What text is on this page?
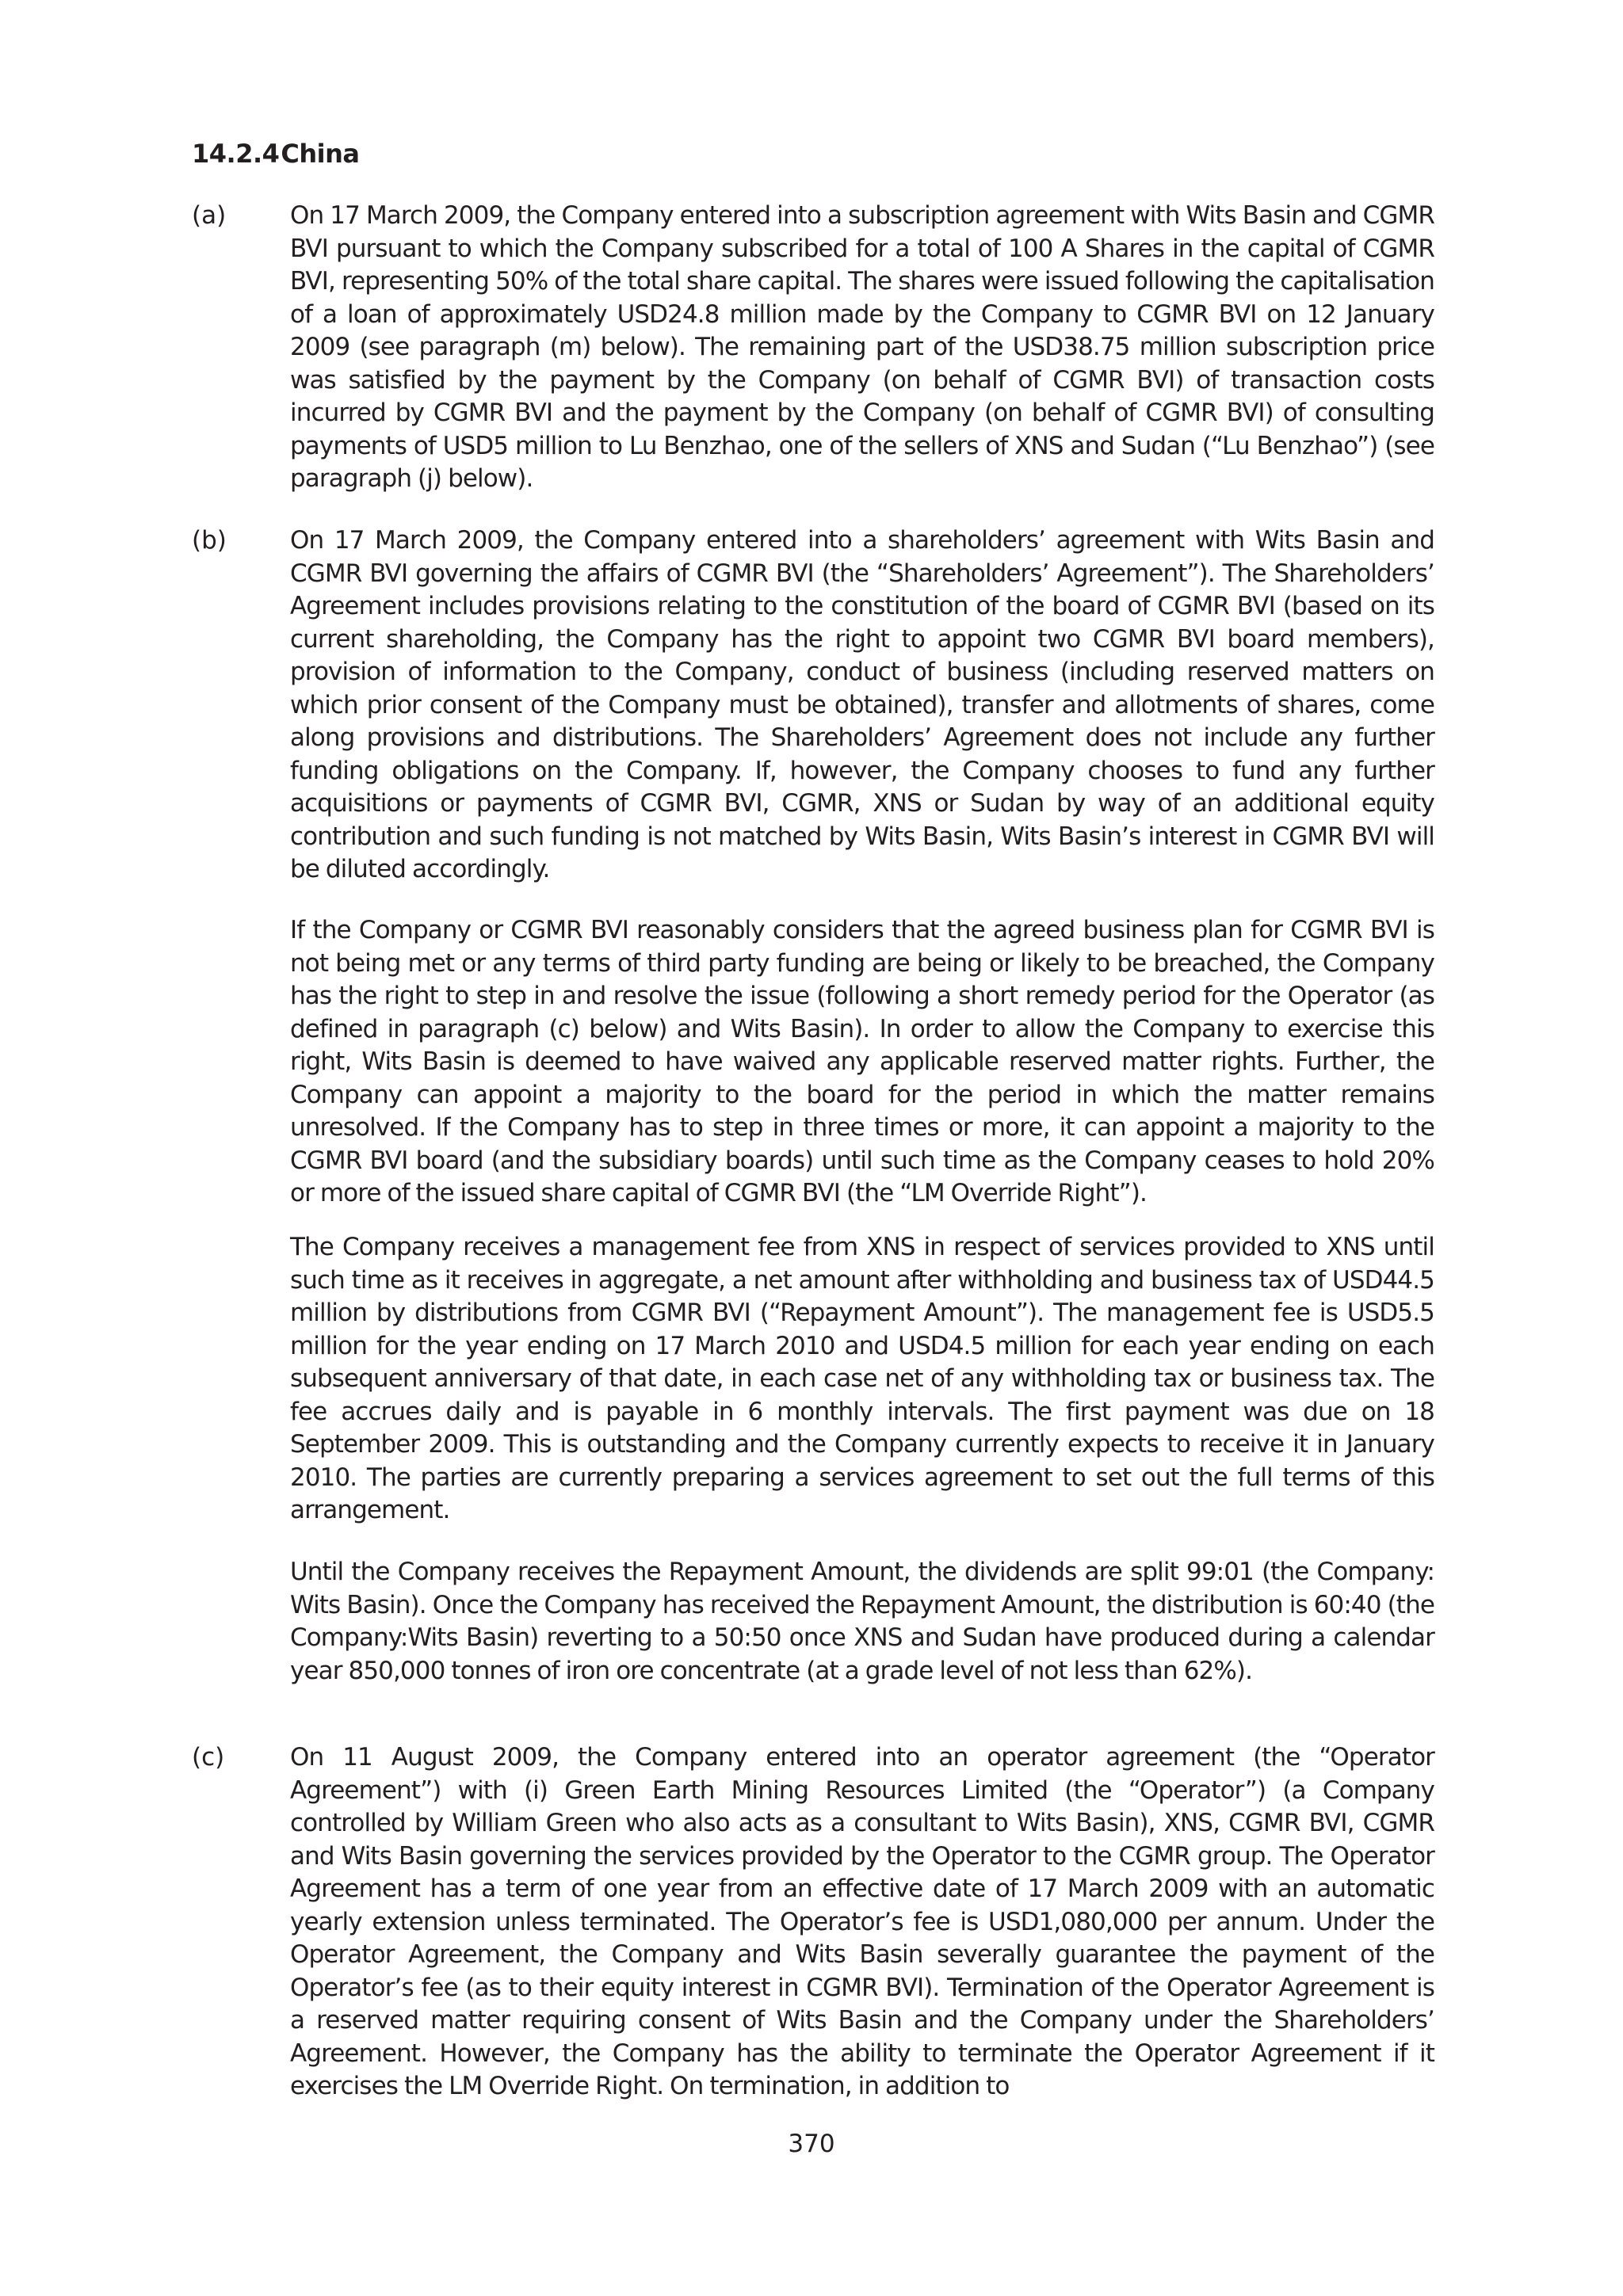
14.2.4China
(a)	On 17 March 2009, the Company entered into a subscription agreement with Wits Basin and CGMR BVI pursuant to which the Company subscribed for a total of 100 A Shares in the capital of CGMR BVI, representing 50% of the total share capital. The shares were issued following the capitalisation of a loan of approximately USD24.8 million made by the Company to CGMR BVI on 12 January 2009 (see paragraph (m) below). The remaining part of the USD38.75 million subscription price was satisfied by the payment by the Company (on behalf of CGMR BVI) of transaction costs incurred by CGMR BVI and the payment by the Company (on behalf of CGMR BVI) of consulting payments of USD5 million to Lu Benzhao, one of the sellers of XNS and Sudan (“Lu Benzhao”) (see paragraph (j) below).

(b)	On 17 March 2009, the Company entered into a shareholders’ agreement with Wits Basin and CGMR BVI governing the affairs of CGMR BVI (the “Shareholders’ Agreement”). The Shareholders’ Agreement includes provisions relating to the constitution of the board of CGMR BVI (based on its current shareholding, the Company has the right to appoint two CGMR BVI board members), provision of information to the Company, conduct of business (including reserved matters on which prior consent of the Company must be obtained), transfer and allotments of shares, come along provisions and distributions. The Shareholders’ Agreement does not include any further funding obligations on the Company. If, however, the Company chooses to fund any further acquisitions or payments of CGMR BVI, CGMR, XNS or Sudan by way of an additional equity contribution and such funding is not matched by Wits Basin, Wits Basin’s interest in CGMR BVI will be diluted accordingly.

If the Company or CGMR BVI reasonably considers that the agreed business plan for CGMR BVI is not being met or any terms of third party funding are being or likely to be breached, the Company has the right to step in and resolve the issue (following a short remedy period for the Operator (as defined in paragraph (c) below) and Wits Basin). In order to allow the Company to exercise this right, Wits Basin is deemed to have waived any applicable reserved matter rights. Further, the Company can appoint a majority to the board for the period in which the matter remains unresolved. If the Company has to step in three times or more, it can appoint a majority to the CGMR BVI board (and the subsidiary boards) until such time as the Company ceases to hold 20% or more of the issued share capital of CGMR BVI (the “LM Override Right”).

The Company receives a management fee from XNS in respect of services provided to XNS until such time as it receives in aggregate, a net amount after withholding and business tax of USD44.5 million by distributions from CGMR BVI (“Repayment Amount”). The management fee is USD5.5 million for the year ending on 17 March 2010 and USD4.5 million for each year ending on each subsequent anniversary of that date, in each case net of any withholding tax or business tax. The fee accrues daily and is payable in 6 monthly intervals. The first payment was due on 18 September 2009. This is outstanding and the Company currently expects to receive it in January 2010. The parties are currently preparing a services agreement to set out the full terms of this arrangement.

Until the Company receives the Repayment Amount, the dividends are split 99:01 (the Company: Wits Basin). Once the Company has received the Repayment Amount, the distribution is 60:40 (the Company:Wits Basin) reverting to a 50:50 once XNS and Sudan have produced during a calendar year 850,000 tonnes of iron ore concentrate (at a grade level of not less than 62%).

(c)	On 11 August 2009, the Company entered into an operator agreement (the “Operator Agreement”) with (i) Green Earth Mining Resources Limited (the “Operator”) (a Company controlled by William Green who also acts as a consultant to Wits Basin), XNS, CGMR BVI, CGMR and Wits Basin governing the services provided by the Operator to the CGMR group. The Operator Agreement has a term of one year from an effective date of 17 March 2009 with an automatic yearly extension unless terminated. The Operator’s fee is USD1,080,000 per annum. Under the Operator Agreement, the Company and Wits Basin severally guarantee the payment of the Operator’s fee (as to their equity interest in CGMR BVI). Termination of the Operator Agreement is a reserved matter requiring consent of Wits Basin and the Company under the Shareholders’ Agreement. However, the Company has the ability to terminate the Operator Agreement if it exercises the LM Override Right. On termination, in addition to

370
